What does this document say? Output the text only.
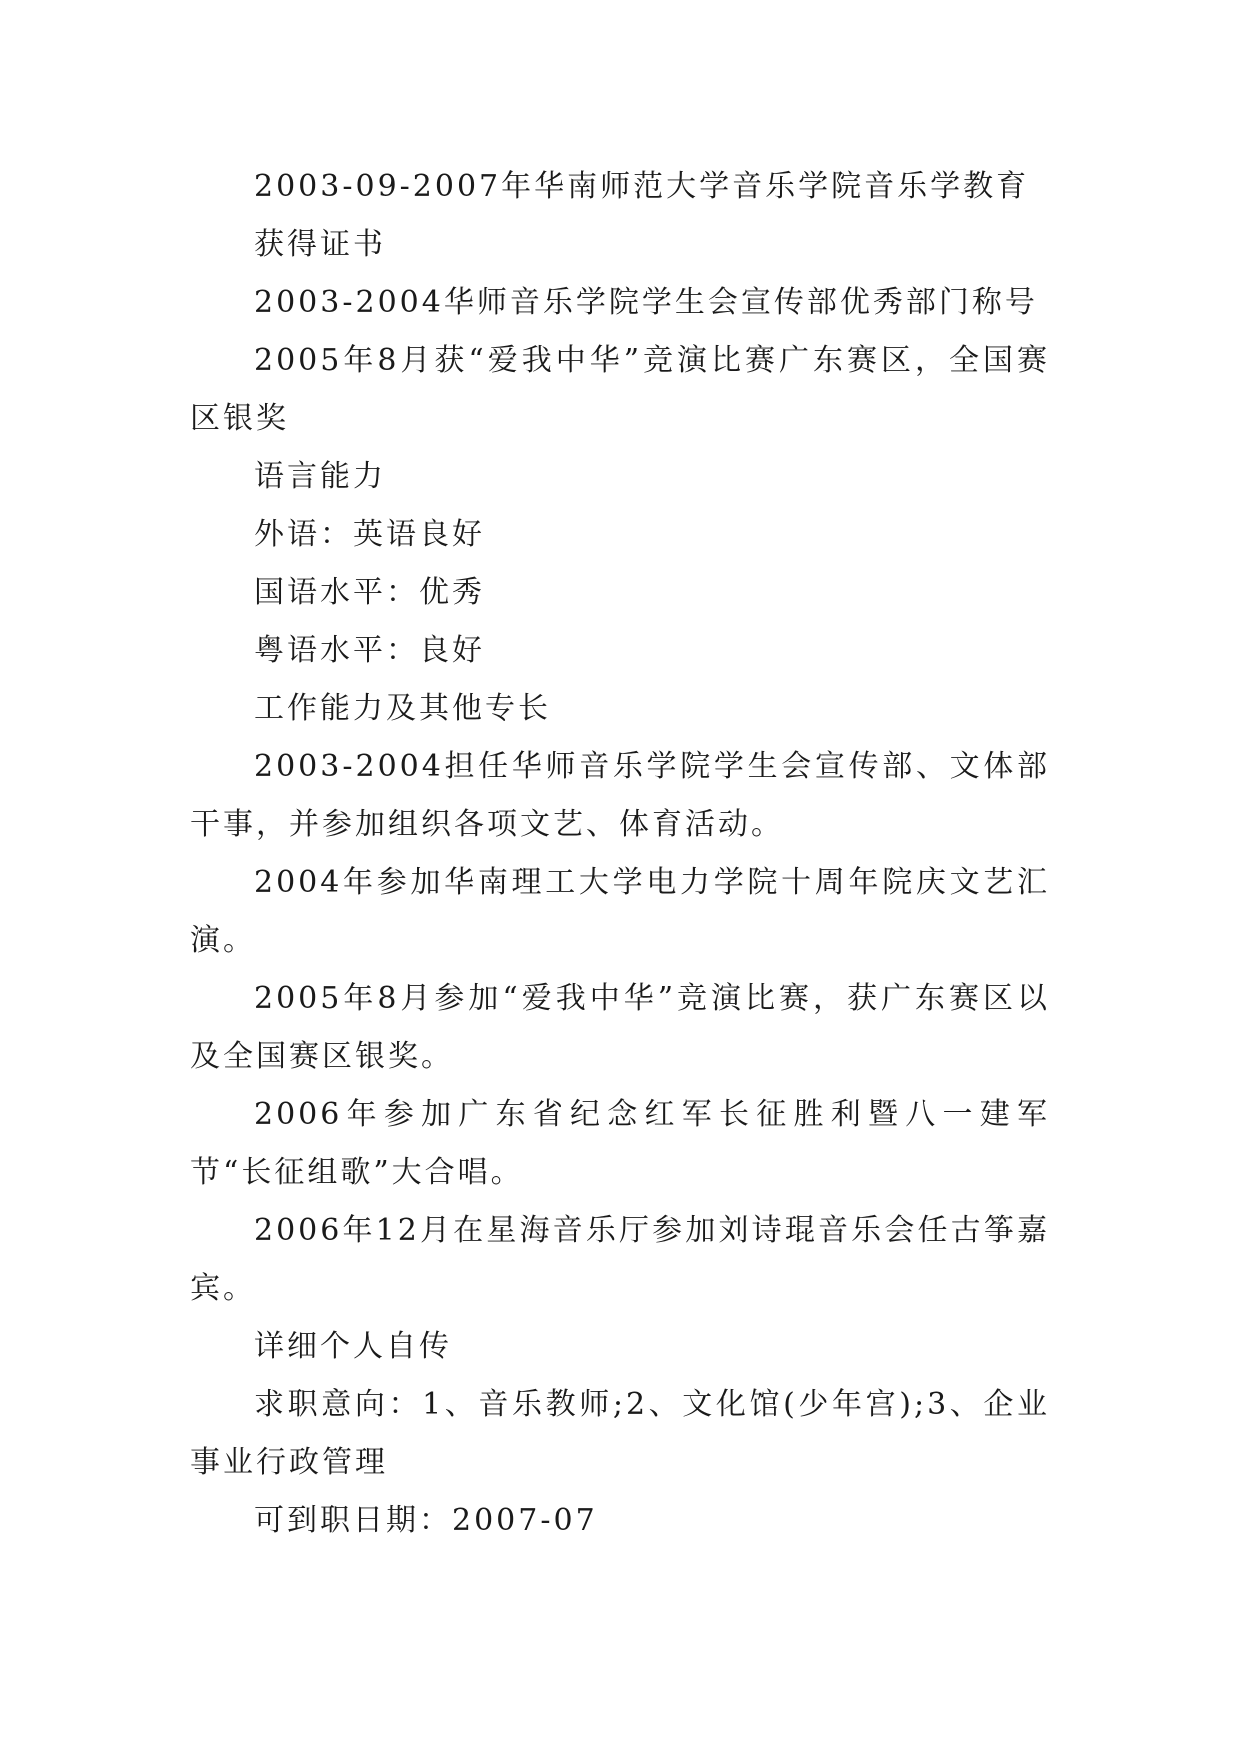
2003-09-2007年华南师范大学音乐学院音乐学教育

获得证书

2003-2004华师音乐学院学生会宣传部优秀部门称号

2005年8月获“爱我中华”竞演比赛广东赛区，全国赛区银奖

语言能力

外语：英语良好

国语水平：优秀

粤语水平：良好

工作能力及其他专长

2003-2004担任华师音乐学院学生会宣传部、文体部干事，并参加组织各项文艺、体育活动。

2004年参加华南理工大学电力学院十周年院庆文艺汇演。

2005年8月参加“爱我中华”竞演比赛，获广东赛区以及全国赛区银奖。

2006年参加广东省纪念红军长征胜利暨八一建军节“长征组歌”大合唱。

2006年12月在星海音乐厅参加刘诗琨音乐会任古筝嘉宾。

详细个人自传

求职意向：1、音乐教师;2、文化馆(少年宫);3、企业事业行政管理

可到职日期：2007-07
